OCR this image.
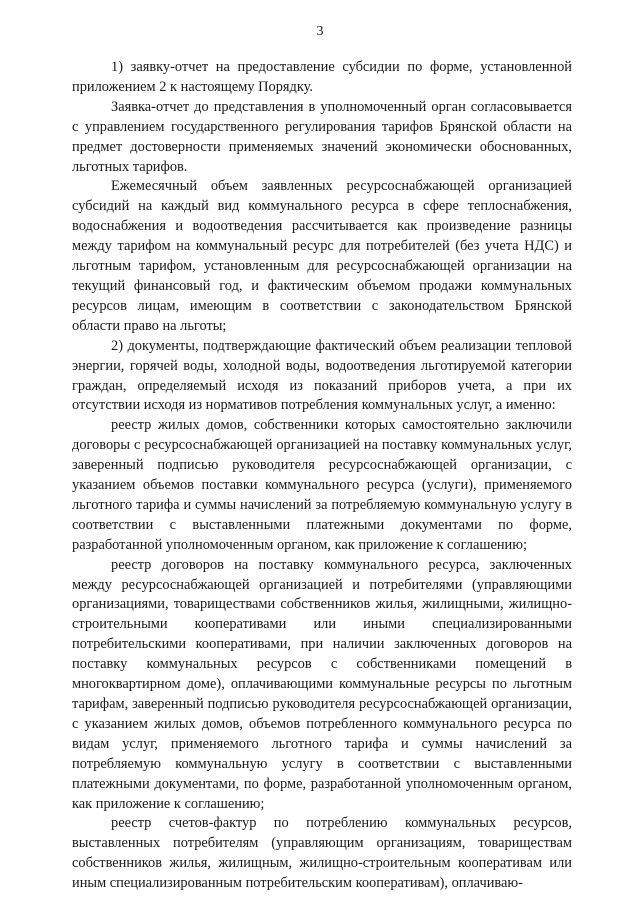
3

1) заявку-отчет на предоставление субсидии по форме, установленной приложением 2 к настоящему Порядку.

Заявка-отчет до представления в уполномоченный орган согласовывается с управлением государственного регулирования тарифов Брянской области на предмет достоверности применяемых значений экономически обоснованных, льготных тарифов.

Ежемесячный объем заявленных ресурсоснабжающей организацией субсидий на каждый вид коммунального ресурса в сфере теплоснабжения, водоснабжения и водоотведения рассчитывается как произведение разницы между тарифом на коммунальный ресурс для потребителей (без учета НДС) и льготным тарифом, установленным для ресурсоснабжающей организации на текущий финансовый год, и фактическим объемом продажи коммунальных ресурсов лицам, имеющим в соответствии с законодательством Брянской области право на льготы;

2) документы, подтверждающие фактический объем реализации тепловой энергии, горячей воды, холодной воды, водоотведения льготируемой категории граждан, определяемый исходя из показаний приборов учета, а при их отсутствии исходя из нормативов потребления коммунальных услуг, а именно:

реестр жилых домов, собственники которых самостоятельно заключили договоры с ресурсоснабжающей организацией на поставку коммунальных услуг, заверенный подписью руководителя ресурсоснабжающей организации, с указанием объемов поставки коммунального ресурса (услуги), применяемого льготного тарифа и суммы начислений за потребляемую коммунальную услугу в соответствии с выставленными платежными документами по форме, разработанной уполномоченным органом, как приложение к соглашению;

реестр договоров на поставку коммунального ресурса, заключенных между ресурсоснабжающей организацией и потребителями (управляющими организациями, товариществами собственников жилья, жилищными, жилищно-строительными кооперативами или иными специализированными потребительскими кооперативами, при наличии заключенных договоров на поставку коммунальных ресурсов с собственниками помещений в многоквартирном доме), оплачивающими коммунальные ресурсы по льготным тарифам, заверенный подписью руководителя ресурсоснабжающей организации, с указанием жилых домов, объемов потребленного коммунального ресурса по видам услуг, применяемого льготного тарифа и суммы начислений за потребляемую коммунальную услугу в соответствии с выставленными платежными документами, по форме, разработанной уполномоченным органом, как приложение к соглашению;

реестр счетов-фактур по потреблению коммунальных ресурсов, выставленных потребителям (управляющим организациям, товариществам собственников жилья, жилищным, жилищно-строительным кооперативам или иным специализированным потребительским кооперативам), оплачиваю-
